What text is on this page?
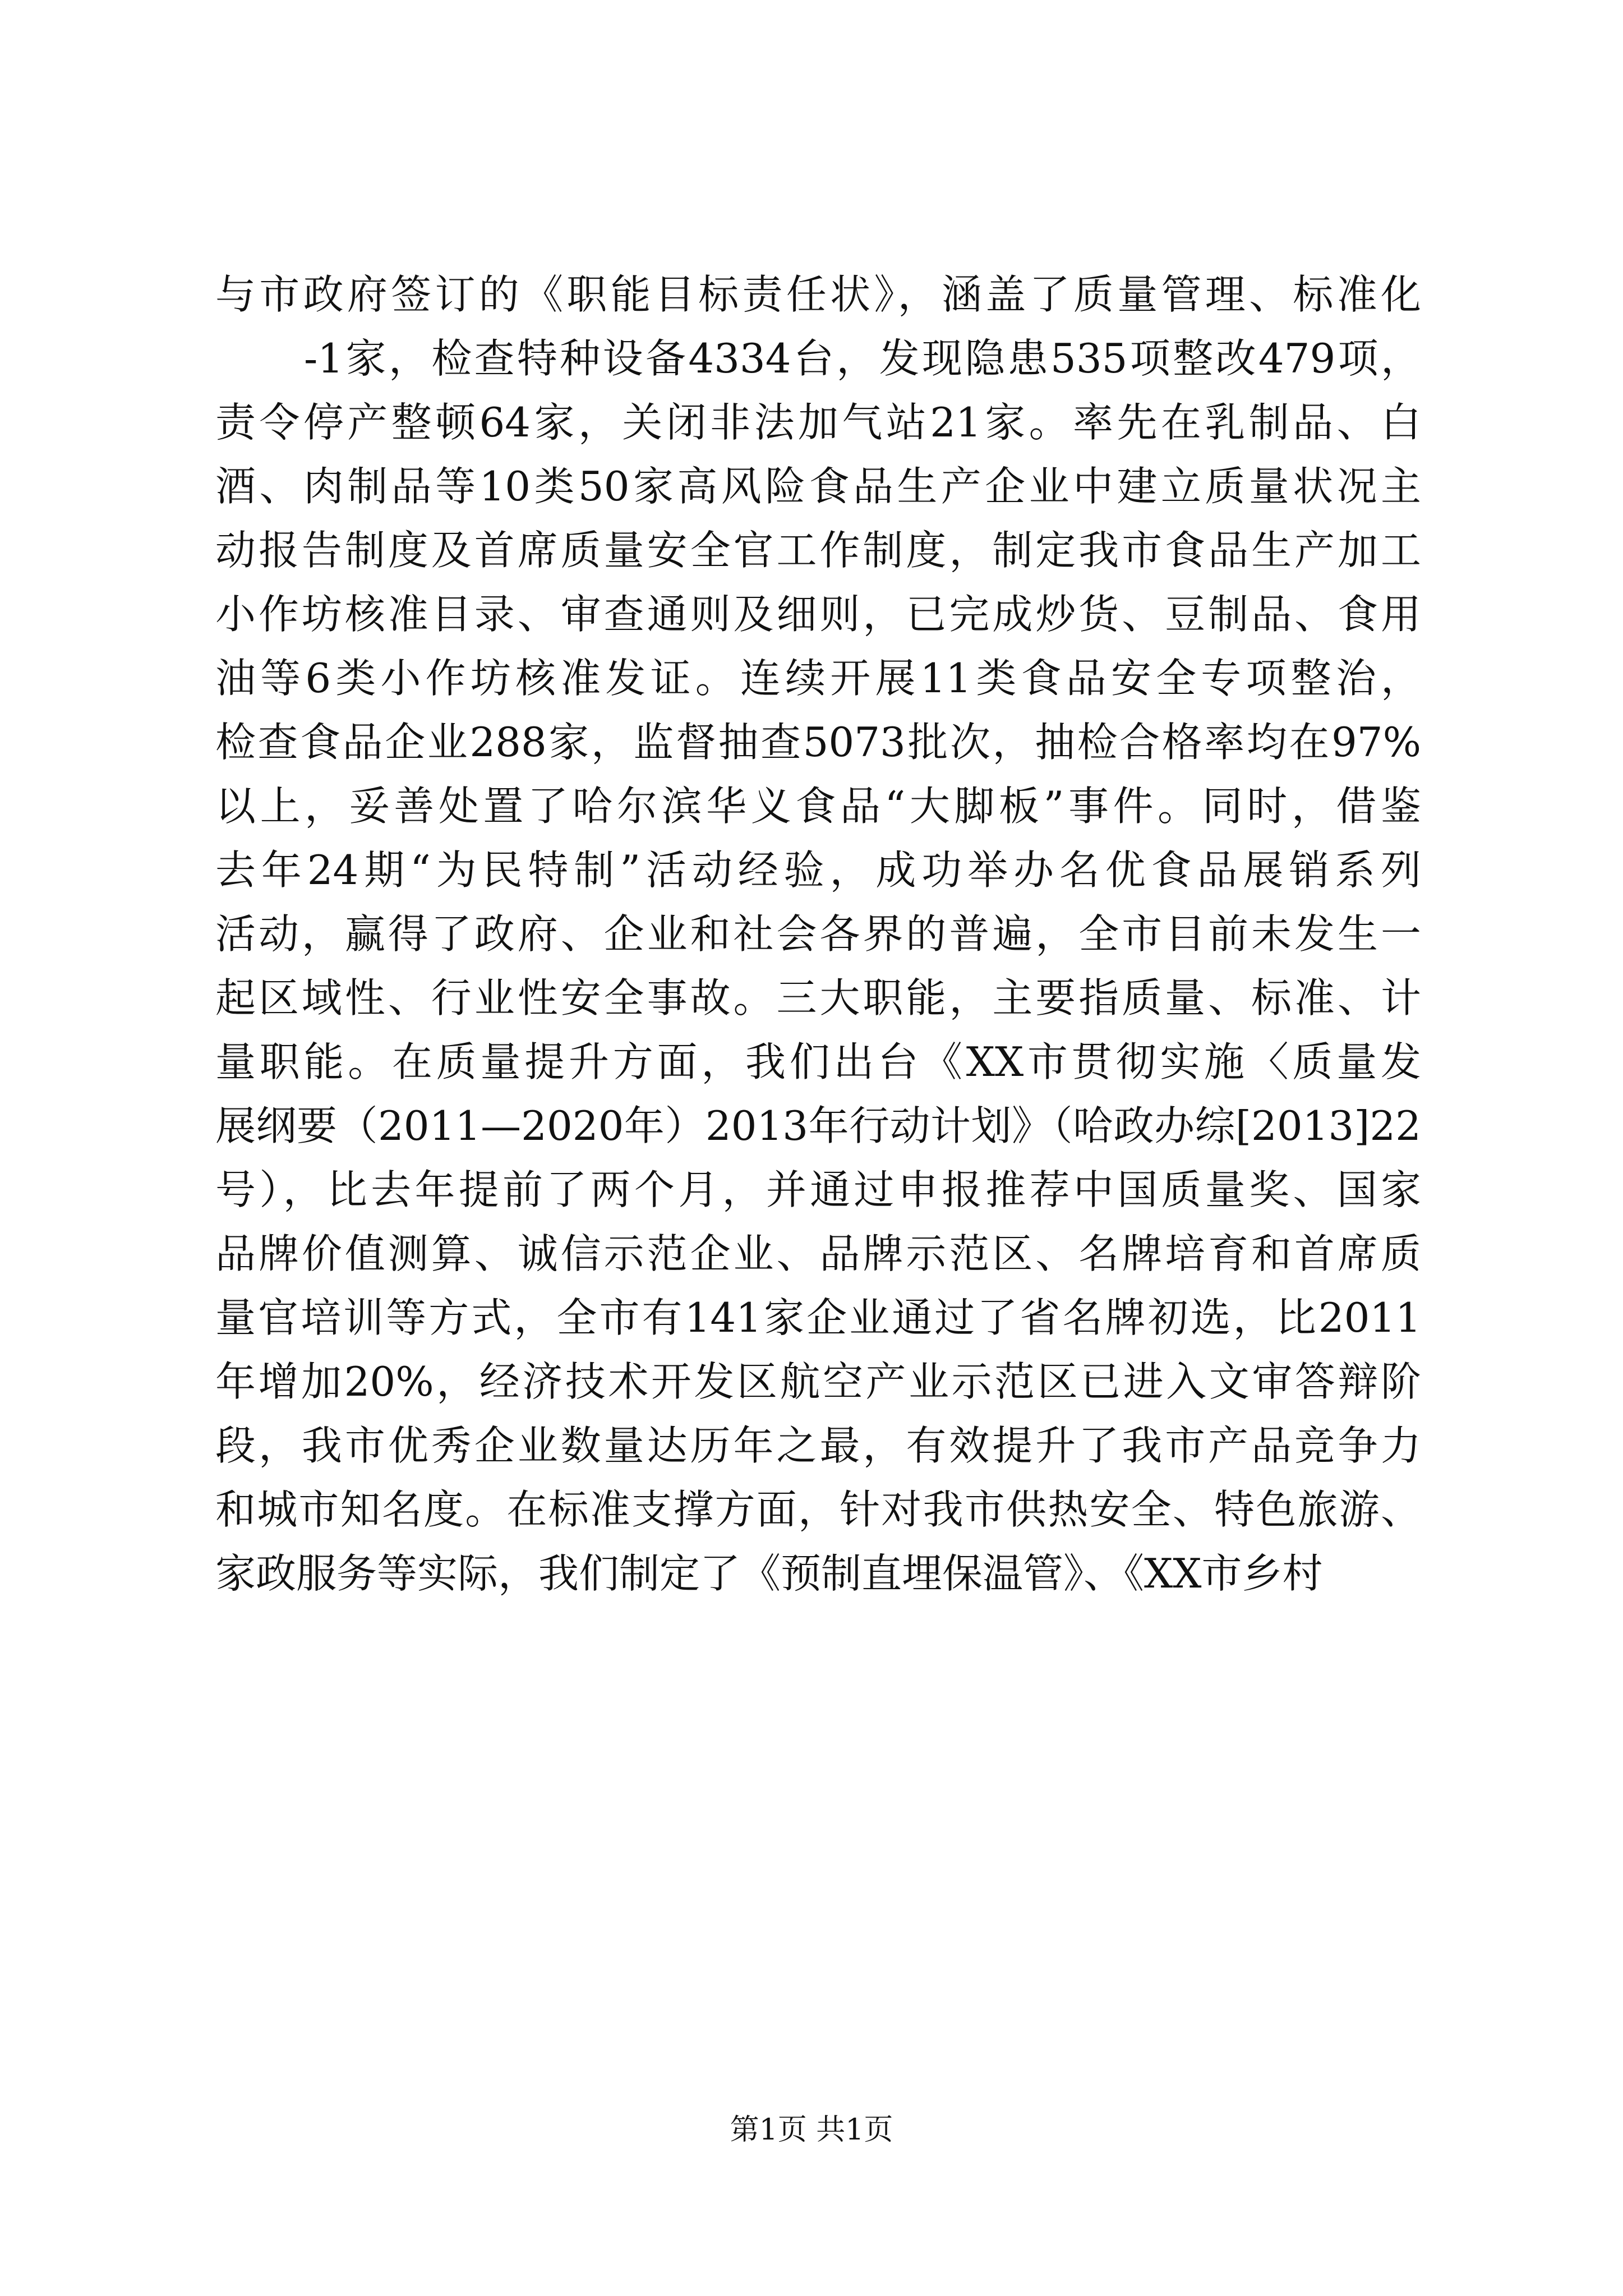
与市政府签订的《职能目标责任状》，涵盖了质量管理、标准化
-1家，检查特种设备4334台，发现隐患535项整改479项，
责令停产整顿64家，关闭非法加气站21家。率先在乳制品、白
酒、肉制品等10类50家高风险食品生产企业中建立质量状况主
动报告制度及首席质量安全官工作制度，制定我市食品生产加工
小作坊核准目录、审查通则及细则，已完成炒货、豆制品、食用
油等6类小作坊核准发证。连续开展11类食品安全专项整治，
检查食品企业288家，监督抽查5073批次，抽检合格率均在97%
以上，妥善处置了哈尔滨华义食品“大脚板”事件。同时，借鉴
去年24期“为民特制”活动经验，成功举办名优食品展销系列
活动，赢得了政府、企业和社会各界的普遍，全市目前未发生一
起区域性、行业性安全事故。三大职能，主要指质量、标准、计
量职能。在质量提升方面，我们出台《XX市贯彻实施〈质量发
展纲要（2011—2020年）2013年行动计划》（哈政办综[2013]22
号），比去年提前了两个月，并通过申报推荐中国质量奖、国家
品牌价值测算、诚信示范企业、品牌示范区、名牌培育和首席质
量官培训等方式，全市有141家企业通过了省名牌初选，比2011
年增加20%，经济技术开发区航空产业示范区已进入文审答辩阶
段，我市优秀企业数量达历年之最，有效提升了我市产品竞争力
和城市知名度。在标准支撑方面，针对我市供热安全、特色旅游、
家政服务等实际，我们制定了《预制直埋保温管》、《XX市乡村
第1页 共1页
